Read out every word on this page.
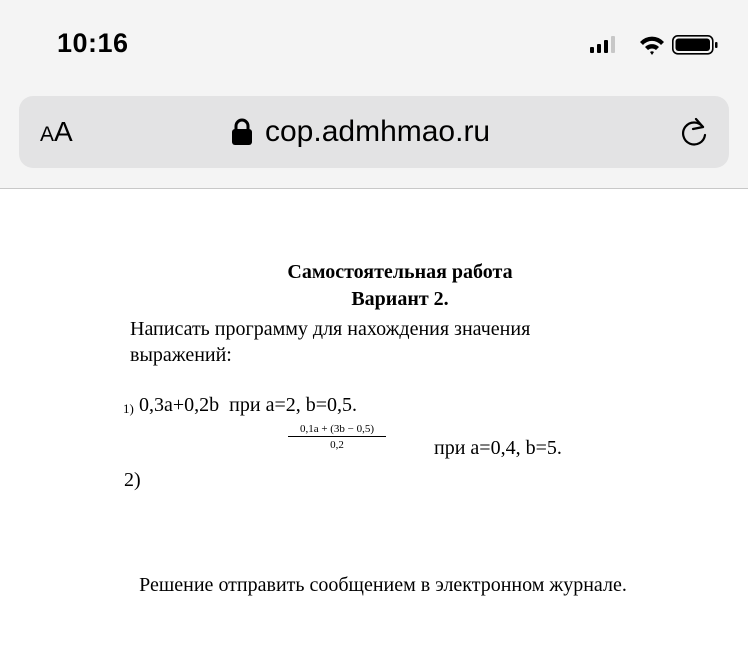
10:16
AA	cop.admhmao.ru
Самостоятельная работа
Вариант 2.
Написать программу для нахождения значения выражений:
1) 0,3a+0,2b  при a=2, b=0,5.
$\frac{0,1a + (3b - 0,5)}{0,2}$ при a=0,4, b=5.
2)
Решение отправить сообщением в электронном журнале.
